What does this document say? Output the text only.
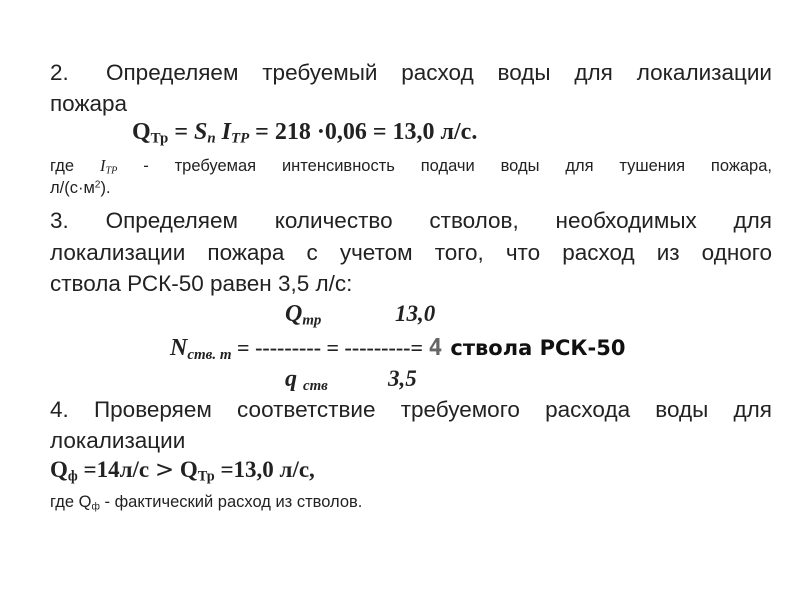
2. Определяем требуемый расход воды для локализации
пожара
$Q_{Тр} = S_п$ $I_{ТР} = 218 \cdot 0,06 = 13,0$ л/с.
где $I_{ТР}$ - требуемая интенсивность подачи воды для тушения пожара,
$л/(с\cdot м^2)$.
3. Определяем количество стволов, необходимых для
локализации пожара с учетом того, что расход из одного
ствола РСК-50 равен 3,5 л/с:
$Q_{тр}$	13,0
$N_{ств. т}$ = --------- = ---------= 4 ствола РСК-50
q $_{ств}$	3,5
4. Проверяем соответствие требуемого расхода воды для
локализации
$Q_ф =14л/с > Q_{Тр} =13,0$ л/с,
где $Q_ф$ - фактический расход из стволов.
